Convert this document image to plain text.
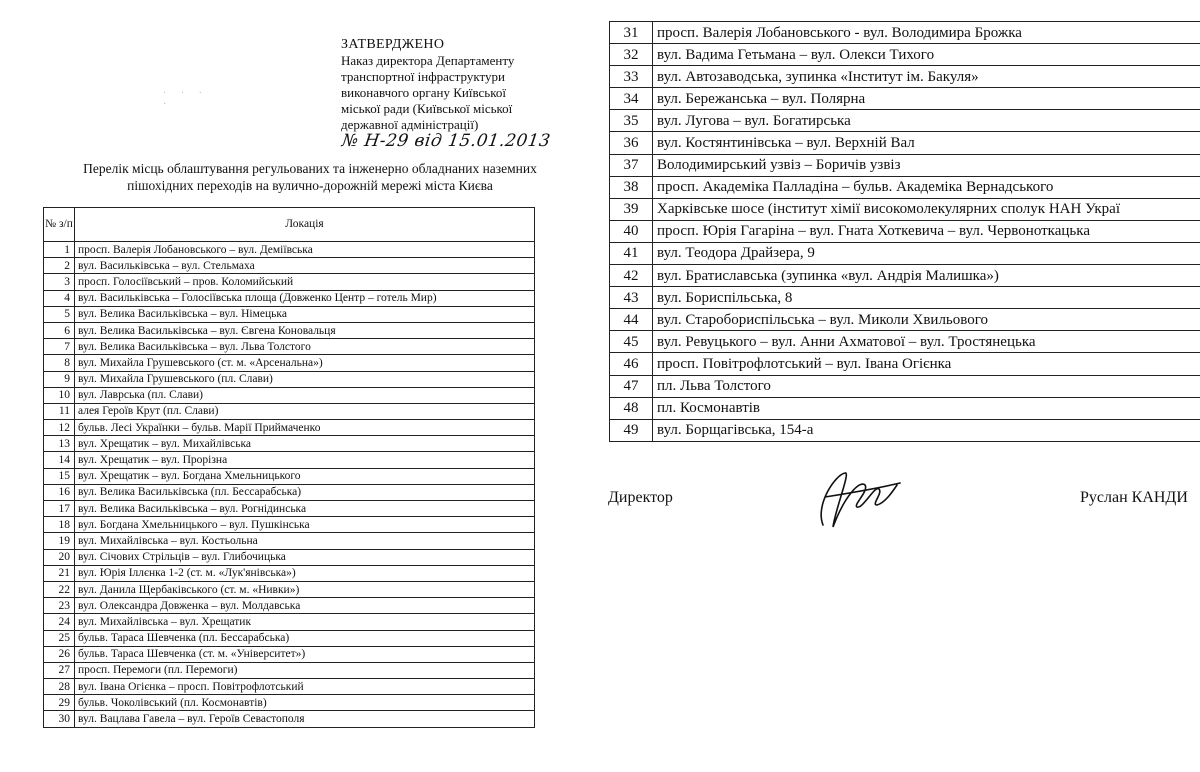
· · · ·
ЗАТВЕРДЖЕНО
Наказ директора Департаменту
транспортної інфраструктури
виконавчого органу Київської
міської ради (Київської міської
державної адміністрації)
№ Н-29 від 15.01.2013
Перелік місць облаштування регульованих та інженерно обладнаних наземних пішохідних переходів на вулично-дорожній мережі міста Києва
№ з/п	Локація
1	просп. Валерія Лобановського – вул. Деміївська
2	вул. Васильківська – вул. Стельмаха
3	просп. Голосіївський – пров. Коломийський
4	вул. Васильківська – Голосіївська площа (Довженко Центр – готель Мир)
5	вул. Велика Васильківська – вул. Німецька
6	вул. Велика Васильківська – вул. Євгена Коновальця
7	вул. Велика Васильківська – вул. Льва Толстого
8	вул. Михайла Грушевського (ст. м. «Арсенальна»)
9	вул. Михайла Грушевського (пл. Слави)
10	вул. Лаврська (пл. Слави)
11	алея Героїв Крут (пл. Слави)
12	бульв. Лесі Українки – бульв. Марії Приймаченко
13	вул. Хрещатик – вул. Михайлівська
14	вул. Хрещатик – вул. Прорізна
15	вул. Хрещатик – вул. Богдана Хмельницького
16	вул. Велика Васильківська (пл. Бессарабська)
17	вул. Велика Васильківська – вул. Рогнідинська
18	вул. Богдана Хмельницького – вул. Пушкінська
19	вул. Михайлівська – вул. Костьольна
20	вул. Січових Стрільців – вул. Глибочицька
21	вул. Юрія Іллєнка 1-2 (ст. м. «Лук'янівська»)
22	вул. Данила Щербаківського (ст. м. «Нивки»)
23	вул. Олександра Довженка – вул. Молдавська
24	вул. Михайлівська – вул. Хрещатик
25	бульв. Тараса Шевченка (пл. Бессарабська)
26	бульв. Тараса Шевченка (ст. м. «Університет»)
27	просп. Перемоги (пл. Перемоги)
28	вул. Івана Огієнка – просп. Повітрофлотський
29	бульв. Чоколівський (пл. Космонавтів)
30	вул. Вацлава Гавела – вул. Героїв Севастополя
31	просп. Валерія Лобановського - вул. Володимира Брожка
32	вул. Вадима Гетьмана – вул. Олекси Тихого
33	вул. Автозаводська, зупинка «Інститут ім. Бакуля»
34	вул. Бережанська – вул. Полярна
35	вул. Лугова – вул. Богатирська
36	вул. Костянтинівська – вул. Верхній Вал
37	Володимирський узвіз – Боричів узвіз
38	просп. Академіка Палладіна – бульв. Академіка Вернадського
39	Харківське шосе (інститут хімії високомолекулярних сполук НАН Украї
40	просп. Юрія Гагаріна – вул. Гната Хоткевича – вул. Червоноткацька
41	вул. Теодора Драйзера, 9
42	вул. Братиславська (зупинка «вул. Андрія Малишка»)
43	вул. Бориспільська, 8
44	вул. Старобориспільська – вул. Миколи Хвильового
45	вул. Ревуцького – вул. Анни Ахматової – вул. Тростянецька
46	просп. Повітрофлотський – вул. Івана Огієнка
47	пл. Льва Толстого
48	пл. Космонавтів
49	вул. Борщагівська, 154-а
Директор	Руслан КАНДИ
